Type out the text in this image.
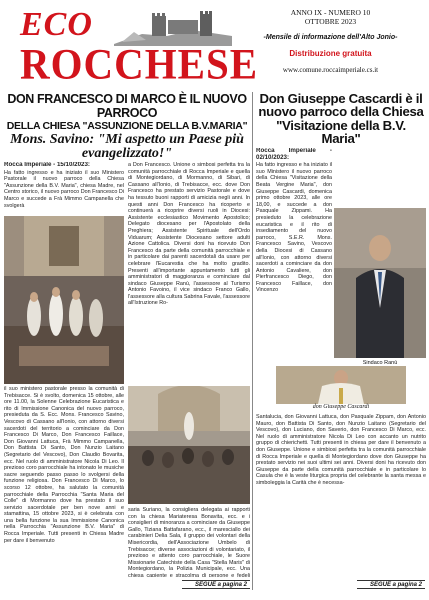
ECO
ROCCHESE
ANNO IX - NUMERO 10
OTTOBRE 2023
-Mensile di informazione dell'Alto Jonio-
Distribuzione gratuita
www.comune.roccaimperiale.cs.it
DON FRANCESCO DI MARCO È IL NUOVO PARROCO
DELLA CHIESA "ASSUNZIONE DELLA B.V.MARIA"
Mons. Savino: "Mi aspetto un Paese più evangelizzato!"
Rocca Imperiale - 15/10/2023:
Ha fatto ingresso e ha iniziato il suo Ministero Pastorale il nuovo parroco della Chiesa "Assunzione della B.V. Maria", chiesa Madre, nel Centro storico, il nuovo parroco Don Francesco Di Marco e succede a Frà Mimmo Campanella che svolgerà
a Don Francesco. Unione o simbosi perfetta tra la comunità parrocchiale di Rocca Imperiale e quella di Montegiordano, di Mormanno, di Sibari, di Cassano all'Ionio, di Trebisacce, ecc. dove Don Francesco ha prestato servizio Pastorale e dove ha tessuto buoni rapporti di amicizia negli anni. In questi anni Don Francesco ha ricoperto e continuerà a ricoprire diversi ruoli in Diocesi: Assistente ecclesiastico Movimento Apostolico; Delegato diocesano per l'Apostolato della Preghiera; Assistente Spirituale dell'Ordo Viduarum; Assistente Diocesano settore adulti Azione Cattolica. Diversi doni ha ricevuto Don Francesco da parte della comunità parrocchiale e in particolare dai parenti sacerdotali da usare per celebrare l'Eucarestia che ha molto gradito. Presenti all'importante appuntamento tutti gli amministratori di maggioranza e cominciare dal sindaco Giuseppe Ranù, l'assessore al Turismo Antonio Favoino, il vice sindaco Franco Gallo, l'assessore alla cultura Sabrina Favale, l'assessore all'Istruzione Ro-
il suo ministero pastorale presso la comunità di Trebisacce. Si è svolto, domenica 15 ottobre, alle ore 11.00, la Solenne Celebrazione Eucaristica e rito di Immissione Canonica del nuovo parroco, presieduta da S. Ecc. Mons. Francesco Savino, Vescovo di Cassano all'Ionio, con attorno diversi sacerdoti del territorio a cominciare da Don Francesco Di Marco, Don Francesco Faillace, Don Giovanni Lattuca, Frà Mimmo Campanella, Don Battista Di Santo, Don Nunzio Laitano (Segretario del Vescovo), Don Claudio Bovarita, ecc. Nel ruolo di amministratore Nicola Di Leo. Il prezioso coro parrocchiale ha intonato le musiche sacre seguendo passo passo lo svolgersi della funzione religiosa. Don Francesco Di Marco, lo scorso 12 ottobre, ha salutato la comunità parrocchiale della Parrocchia "Santa Maria del Colle" di Mormanno dove ha prestato il suo servizio sacerdotale per ben nove anni e stamattina, 15 ottobre 2023, si è celebrata con una bella funzione la sua Immissione Canonica nella Parrocchia "Assunzione B.V. Maria" di Rocca Imperiale. Tutti presenti in Chiesa Madre per dare il benvenuto
saria Suriano, la consigliera delegata ai rapporti con la chiesa Mariateresa Bonavita, ecc. e i consiglieri di minoranza a cominciare da Giuseppe Gallo, Tiziana Battafarano, ecc., il maresciallo dei carabinieri Delia Sala, il gruppo dei volontari della Misericordia, dell'Associazione Umbelo di Trebisacce; diverse associazioni di volontariato, il prezioso e attento coro parrocchiale, le Suore Missionarie Catechiste della Casa "Stella Maris" di Montegiordano, la Polizia Municipale, ecc. Una chiesa capiente e stracolma di persone e fedeli
SEGUE a pagina 2
Don Giuseppe Cascardi è il nuovo parroco della Chiesa "Visitazione della B.V. Maria"
Rocca Imperiale - 02/10/2023:
Ha fatto ingresso e ha iniziato il suo Ministero il nuovo parroco della Chiesa "Visitazione della Beata Vergine Maria", don Giuseppe Cascardi, domenica primo ottobre 2023, alle ore 18,00, e succede a don Pasquale Zippami. Ha presieduto la celebrazione eucaristica e il rito di insediamento del nuovo parroco, S.E.R. Mons. Francesco Savino, Vescovo della Diocesi di Cassano all'Ionio, con attorno diversi sacerdoti a cominciare da don Antonio Cavaliere, don Pierfrancesco Diego, don Francesco Faillace, don Vincenzo
Sindaco Ranù
don Giuseppe Cascardi
Santalucia, don Giovanni Lattuca, don Pasquale Zippam, don Antonio Mauro, don Battista Di Santo, don Nunzio Laitano (Segretario del Vescovo), don Luciano, don Saverio, don Francesco Di Marco, ecc. Nel ruolo di amministratore Nicola Di Leo con accanto un nutrito gruppo di chierichetti. Tutti presenti in chiesa per dare il benvenuto a don Giuseppe. Unione e simbiosi perfetta tra la comunità parrocchiale di Rocca Imperiale e quella di Montegiordano dove don Giuseppe ha prestato servizio nei suoi ultimi sei anni. Diversi doni ha ricevuto don Giuseppe da parte della comunità parrocchiale e in particolare lo Casula che è la veste liturgica propria del celebrante la santa messa e simboleggia la Carità che è necessa-
SEGUE a pagina 2
